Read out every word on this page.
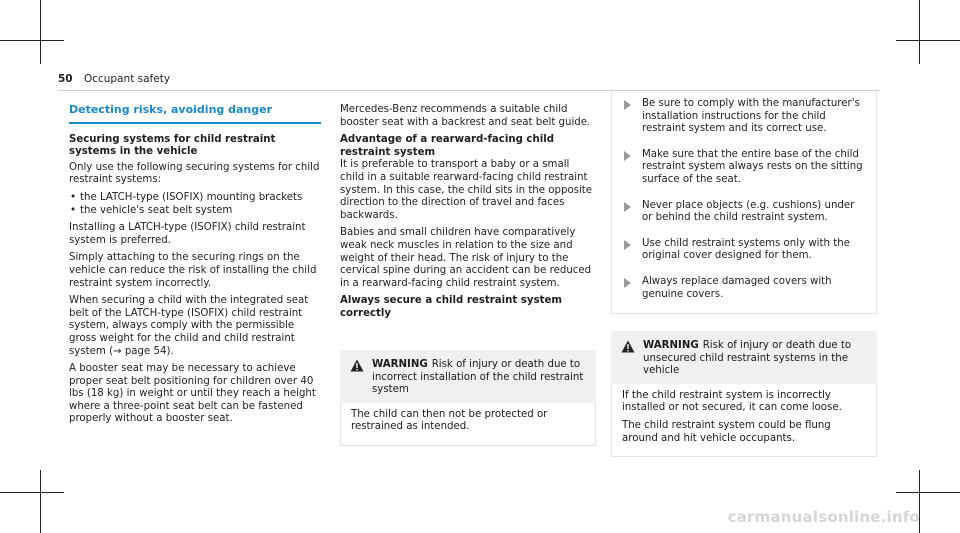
50 Occupant safety
Detecting risks, avoiding danger

Securing systems for child restraint systems in the vehicle

Only use the following securing systems for child restraint systems:

• the LATCH-type (ISOFIX) mounting brackets
• the vehicle's seat belt system

Installing a LATCH-type (ISOFIX) child restraint system is preferred.

Simply attaching to the securing rings on the vehicle can reduce the risk of installing the child restraint system incorrectly.

When securing a child with the integrated seat belt of the LATCH-type (ISOFIX) child restraint system, always comply with the permissible gross weight for the child and child restraint system (→ page 54).

A booster seat may be necessary to achieve proper seat belt positioning for children over 40 lbs (18 kg) in weight or until they reach a height where a three-point seat belt can be fastened properly without a booster seat.

Mercedes-Benz recommends a suitable child booster seat with a backrest and seat belt guide.

Advantage of a rearward-facing child restraint system

It is preferable to transport a baby or a small child in a suitable rearward-facing child restraint system. In this case, the child sits in the opposite direction to the direction of travel and faces backwards.

Babies and small children have comparatively weak neck muscles in relation to the size and weight of their head. The risk of injury to the cervical spine during an accident can be reduced in a rearward-facing child restraint system.

Always secure a child restraint system correctly

WARNING Risk of injury or death due to incorrect installation of the child restraint system

The child can then not be protected or restrained as intended.

Be sure to comply with the manufacturer's installation instructions for the child restraint system and its correct use.
Make sure that the entire base of the child restraint system always rests on the sitting surface of the seat.
Never place objects (e.g. cushions) under or behind the child restraint system.
Use child restraint systems only with the original cover designed for them.
Always replace damaged covers with genuine covers.
WARNING Risk of injury or death due to unsecured child restraint systems in the vehicle

If the child restraint system is incorrectly installed or not secured, it can come loose.

The child restraint system could be flung around and hit vehicle occupants.

carmanualsonline.info
